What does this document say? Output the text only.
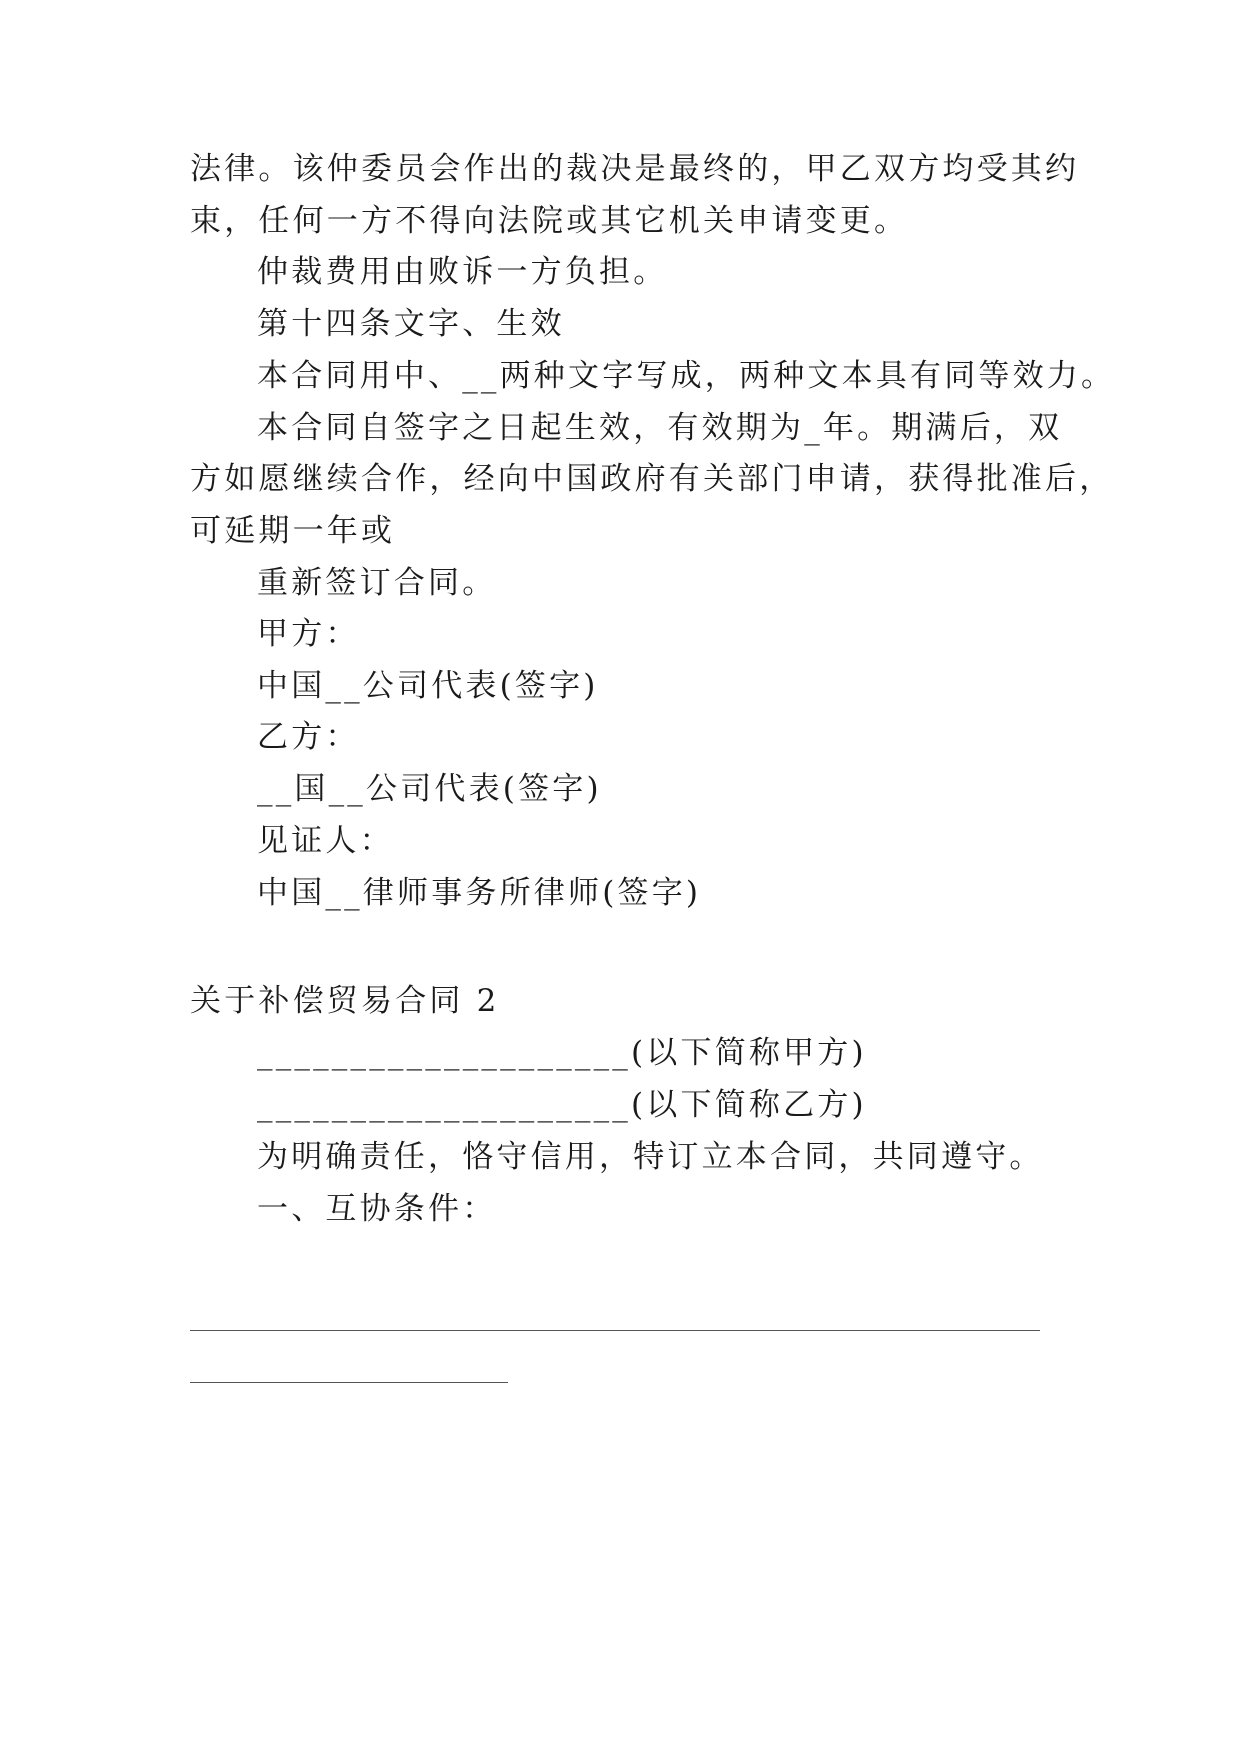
法律。该仲委员会作出的裁决是最终的，甲乙双方均受其约
束，任何一方不得向法院或其它机关申请变更。
仲裁费用由败诉一方负担。
第十四条文字、生效
本合同用中、__两种文字写成，两种文本具有同等效力。
本合同自签字之日起生效，有效期为_年。期满后，双
方如愿继续合作，经向中国政府有关部门申请，获得批准后，
可延期一年或
重新签订合同。
甲方：
中国__公司代表(签字)
乙方：
__国__公司代表(签字)
见证人：
中国__律师事务所律师(签字)
关于补偿贸易合同 2
____________________(以下简称甲方)
____________________(以下简称乙方)
为明确责任，恪守信用，特订立本合同，共同遵守。
一、互协条件：
